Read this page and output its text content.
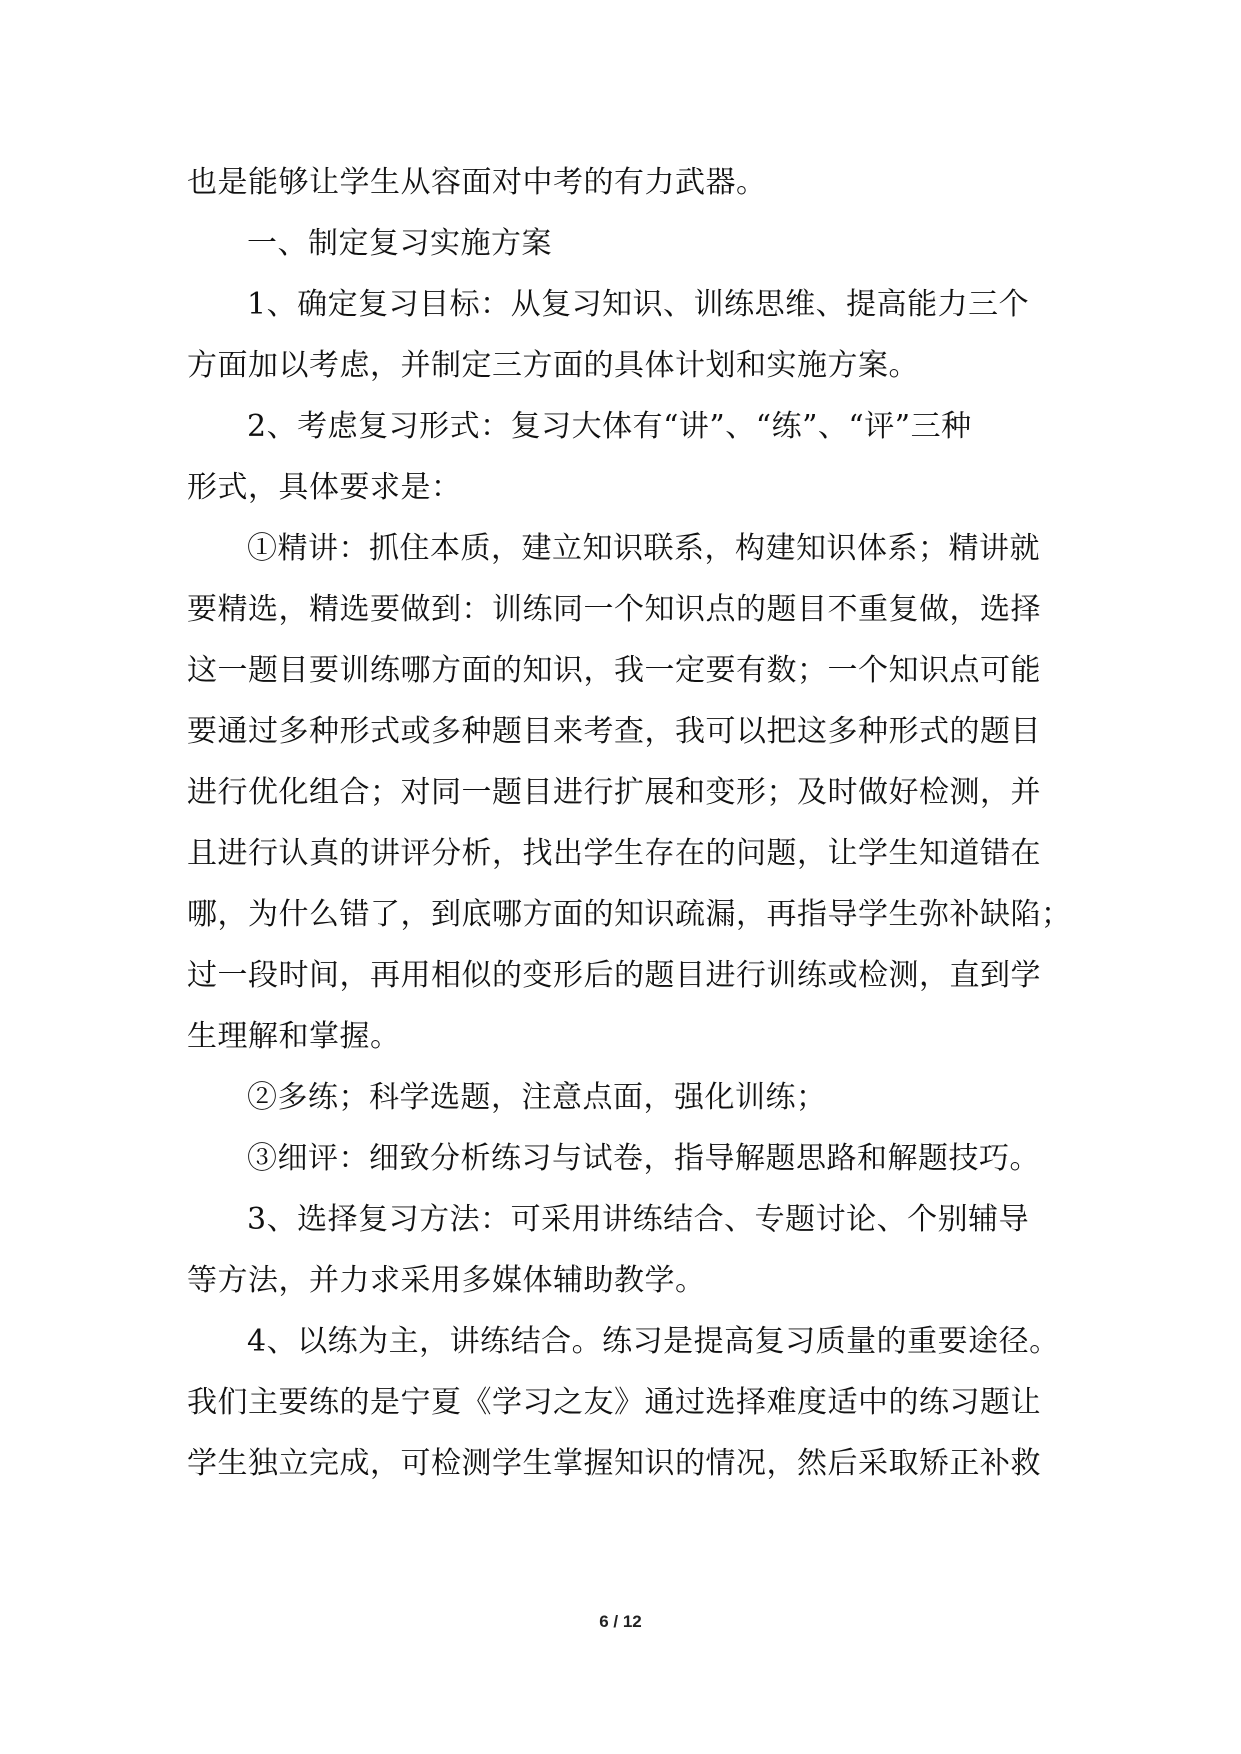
也是能够让学生从容面对中考的有力武器。
一、制定复习实施方案
1、确定复习目标：从复习知识、训练思维、提高能力三个
方面加以考虑，并制定三方面的具体计划和实施方案。
2、考虑复习形式：复习大体有“讲”、“练”、“评”三种
形式，具体要求是：
①精讲：抓住本质，建立知识联系，构建知识体系；精讲就
要精选，精选要做到：训练同一个知识点的题目不重复做，选择
这一题目要训练哪方面的知识，我一定要有数；一个知识点可能
要通过多种形式或多种题目来考查，我可以把这多种形式的题目
进行优化组合；对同一题目进行扩展和变形；及时做好检测，并
且进行认真的讲评分析，找出学生存在的问题，让学生知道错在
哪，为什么错了，到底哪方面的知识疏漏，再指导学生弥补缺陷；
过一段时间，再用相似的变形后的题目进行训练或检测，直到学
生理解和掌握。
②多练；科学选题，注意点面，强化训练；
③细评：细致分析练习与试卷，指导解题思路和解题技巧。
3、选择复习方法：可采用讲练结合、专题讨论、个别辅导
等方法，并力求采用多媒体辅助教学。
4、以练为主，讲练结合。练习是提高复习质量的重要途径。
我们主要练的是宁夏《学习之友》通过选择难度适中的练习题让
学生独立完成，可检测学生掌握知识的情况，然后采取矫正补救
6 / 12
